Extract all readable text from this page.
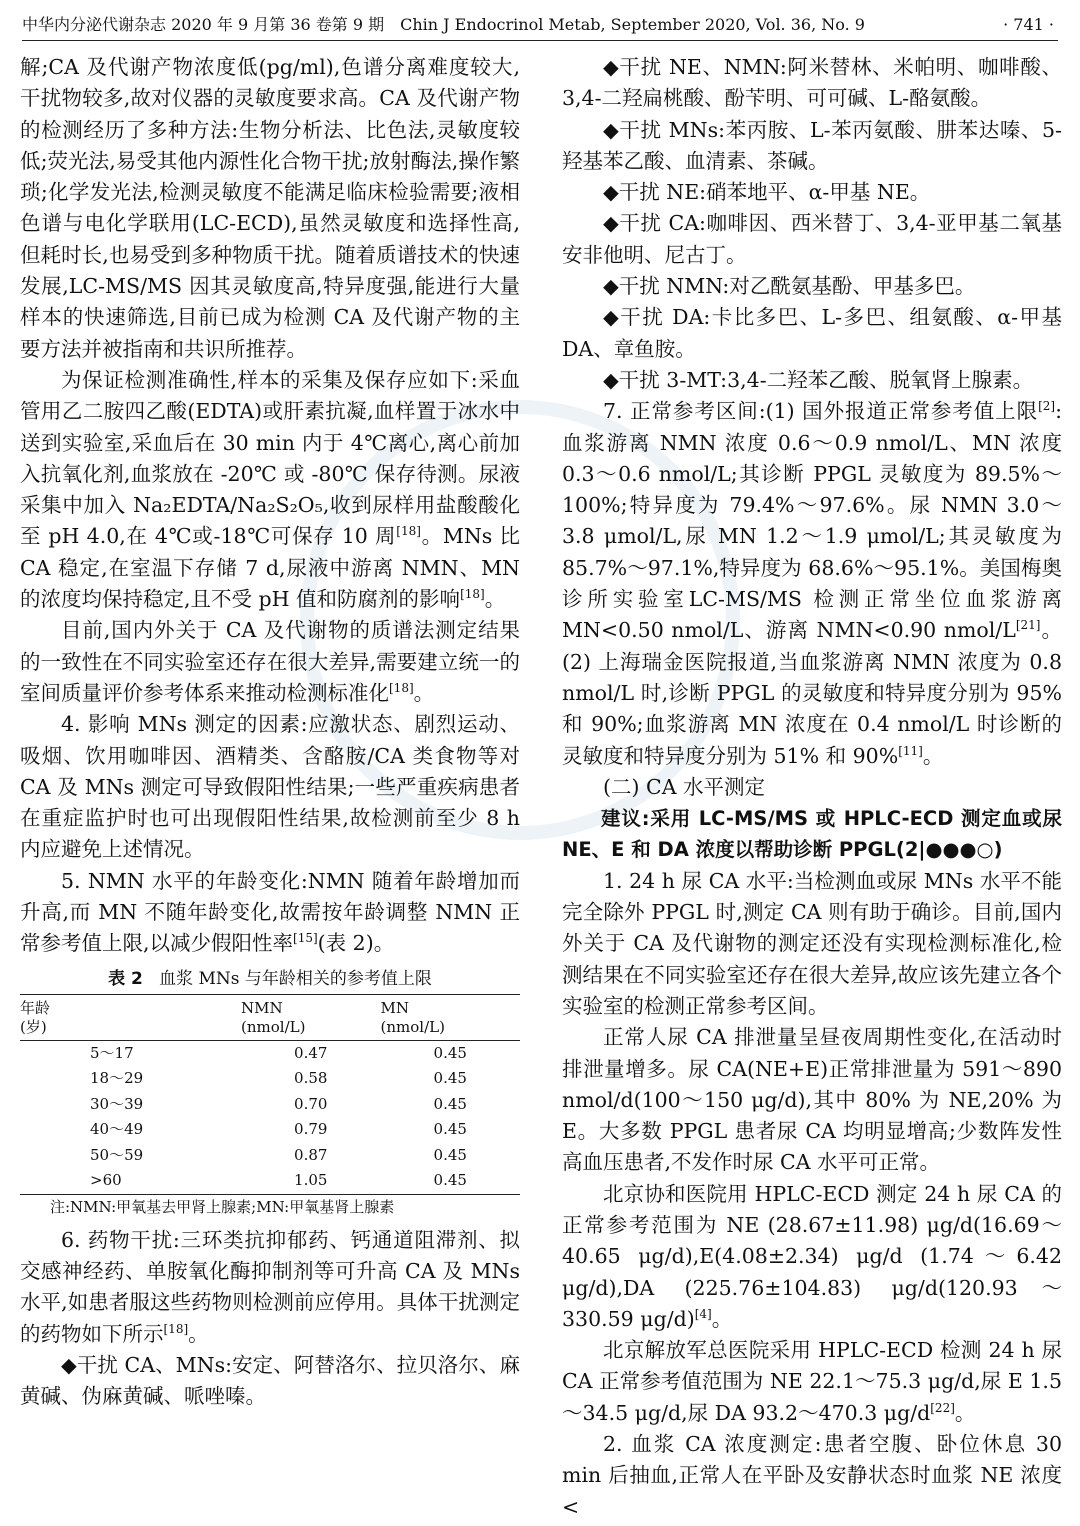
中华内分泌代谢杂志 2020 年 9 月第 36 卷第 9 期　Chin J Endocrinol Metab, September 2020, Vol. 36, No. 9	· 741 ·

解;CA 及代谢产物浓度低(pg/ml),色谱分离难度较大,干扰物较多,故对仪器的灵敏度要求高。CA 及代谢产物的检测经历了多种方法:生物分析法、比色法,灵敏度较低;荧光法,易受其他内源性化合物干扰;放射酶法,操作繁琐;化学发光法,检测灵敏度不能满足临床检验需要;液相色谱与电化学联用(LC-ECD),虽然灵敏度和选择性高,但耗时长,也易受到多种物质干扰。随着质谱技术的快速发展,LC-MS/MS 因其灵敏度高,特异度强,能进行大量样本的快速筛选,目前已成为检测 CA 及代谢产物的主要方法并被指南和共识所推荐。

为保证检测准确性,样本的采集及保存应如下:采血管用乙二胺四乙酸(EDTA)或肝素抗凝,血样置于冰水中送到实验室,采血后在 30 min 内于 4℃离心,离心前加入抗氧化剂,血浆放在 -20℃ 或 -80℃ 保存待测。尿液采集中加入 Na₂EDTA/Na₂S₂O₅,收到尿样用盐酸酸化至 pH 4.0,在 4℃或-18℃可保存 10 周[18]。MNs 比 CA 稳定,在室温下存储 7 d,尿液中游离 NMN、MN 的浓度均保持稳定,且不受 pH 值和防腐剂的影响[18]。

目前,国内外关于 CA 及代谢物的质谱法测定结果的一致性在不同实验室还存在很大差异,需要建立统一的室间质量评价参考体系来推动检测标准化[18]。

4. 影响 MNs 测定的因素:应激状态、剧烈运动、吸烟、饮用咖啡因、酒精类、含酪胺/CA 类食物等对 CA 及 MNs 测定可导致假阳性结果;一些严重疾病患者在重症监护时也可出现假阳性结果,故检测前至少 8 h 内应避免上述情况。

5. NMN 水平的年龄变化:NMN 随着年龄增加而升高,而 MN 不随年龄变化,故需按年龄调整 NMN 正常参考值上限,以减少假阳性率[15](表 2)。

表 2 血浆 MNs 与年龄相关的参考值上限
年龄
(岁)	NMN
(nmol/L)	MN
(nmol/L)
5～17	0.47	0.45
18～29	0.58	0.45
30～39	0.70	0.45
40～49	0.79	0.45
50～59	0.87	0.45
>60	1.05	0.45
注:NMN:甲氧基去甲肾上腺素;MN:甲氧基肾上腺素

6. 药物干扰:三环类抗抑郁药、钙通道阻滞剂、拟交感神经药、单胺氧化酶抑制剂等可升高 CA 及 MNs 水平,如患者服这些药物则检测前应停用。具体干扰测定的药物如下所示[18]。

◆干扰 CA、MNs:安定、阿替洛尔、拉贝洛尔、麻黄碱、伪麻黄碱、哌唑嗪。

◆干扰 NE、NMN:阿米替林、米帕明、咖啡酸、3,4-二羟扁桃酸、酚苄明、可可碱、L-酪氨酸。

◆干扰 MNs:苯丙胺、L-苯丙氨酸、肼苯达嗪、5-羟基苯乙酸、血清素、茶碱。

◆干扰 NE:硝苯地平、α-甲基 NE。

◆干扰 CA:咖啡因、西米替丁、3,4-亚甲基二氧基安非他明、尼古丁。

◆干扰 NMN:对乙酰氨基酚、甲基多巴。

◆干扰 DA:卡比多巴、L-多巴、组氨酸、α-甲基 DA、章鱼胺。

◆干扰 3-MT:3,4-二羟苯乙酸、脱氧肾上腺素。

7. 正常参考区间:(1) 国外报道正常参考值上限[2]:血浆游离 NMN 浓度 0.6～0.9 nmol/L、MN 浓度 0.3～0.6 nmol/L;其诊断 PPGL 灵敏度为 89.5%～100%;特异度为 79.4%～97.6%。尿 NMN 3.0～3.8 μmol/L,尿 MN 1.2～1.9 μmol/L;其灵敏度为 85.7%～97.1%,特异度为 68.6%～95.1%。美国梅奥诊所实验室LC-MS/MS 检测正常坐位血浆游离 MN<0.50 nmol/L、游离 NMN<0.90 nmol/L[21]。(2) 上海瑞金医院报道,当血浆游离 NMN 浓度为 0.8 nmol/L 时,诊断 PPGL 的灵敏度和特异度分别为 95% 和 90%;血浆游离 MN 浓度在 0.4 nmol/L 时诊断的灵敏度和特异度分别为 51% 和 90%[11]。

(二) CA 水平测定

建议:采用 LC-MS/MS 或 HPLC-ECD 测定血或尿 NE、E 和 DA 浓度以帮助诊断 PPGL(2|●●●○)

1. 24 h 尿 CA 水平:当检测血或尿 MNs 水平不能完全除外 PPGL 时,测定 CA 则有助于确诊。目前,国内外关于 CA 及代谢物的测定还没有实现检测标准化,检测结果在不同实验室还存在很大差异,故应该先建立各个实验室的检测正常参考区间。

正常人尿 CA 排泄量呈昼夜周期性变化,在活动时排泄量增多。尿 CA(NE+E)正常排泄量为 591～890 nmol/d(100～150 μg/d),其中 80% 为 NE,20% 为 E。大多数 PPGL 患者尿 CA 均明显增高;少数阵发性高血压患者,不发作时尿 CA 水平可正常。

北京协和医院用 HPLC-ECD 测定 24 h 尿 CA 的正常参考范围为 NE (28.67±11.98) μg/d(16.69～40.65 μg/d),E(4.08±2.34) μg/d (1.74～6.42 μg/d),DA (225.76±104.83) μg/d(120.93～330.59 μg/d)[4]。

北京解放军总医院采用 HPLC-ECD 检测 24 h 尿 CA 正常参考值范围为 NE 22.1～75.3 μg/d,尿 E 1.5～34.5 μg/d,尿 DA 93.2～470.3 μg/d[22]。

2. 血浆 CA 浓度测定:患者空腹、卧位休息 30 min 后抽血,正常人在平卧及安静状态时血浆 NE 浓度<
